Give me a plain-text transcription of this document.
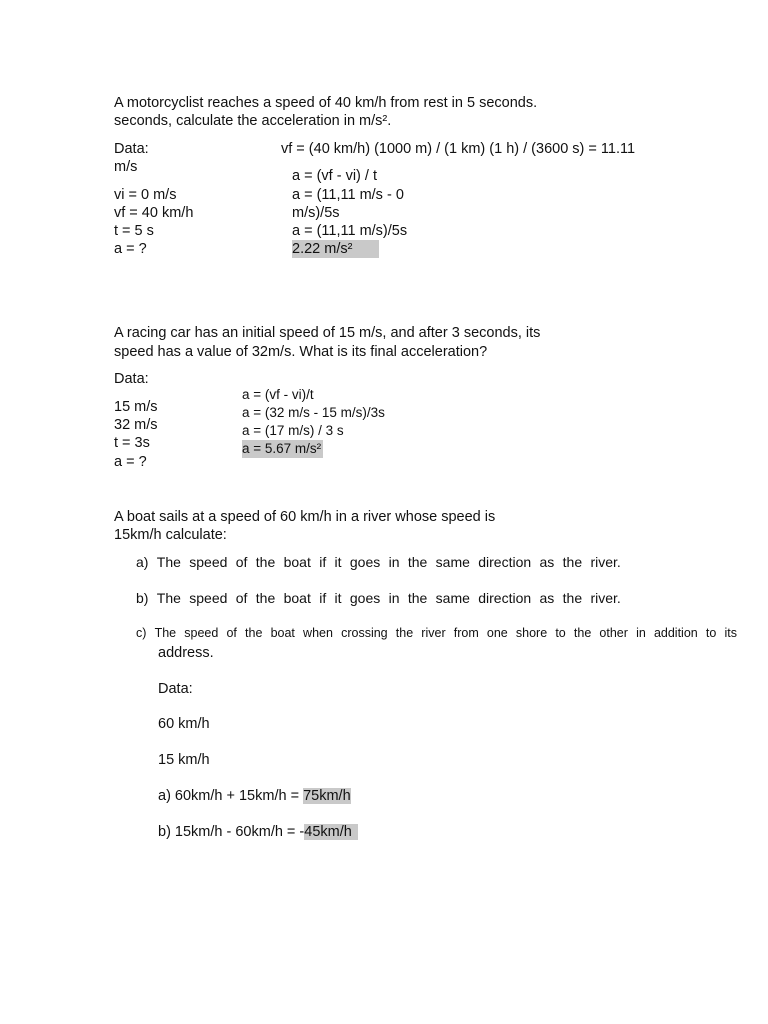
A motorcyclist reaches a speed of 40 km/h from rest in 5 seconds.
seconds, calculate the acceleration in m/s².
Data:	vf = (40 km/h) (1000 m) / (1 km) (1 h) / (3600 s) = 11.11
m/s
vi = 0 m/s
vf = 40 km/h
t = 5 s
a = ?
a = (vf - vi) / t
a = (11,11 m/s - 0
m/s)/5s
a = (11,11 m/s)/5s
2.22 m/s²
A racing car has an initial speed of 15 m/s, and after 3 seconds, its
speed has a value of 32m/s. What is its final acceleration?
Data:
15 m/s
32 m/s
t = 3s
a = ?
a = (vf - vi)/t
a = (32 m/s - 15 m/s)/3s
a = (17 m/s) / 3 s
a = 5.67 m/s²
A boat sails at a speed of 60 km/h in a river whose speed is
15km/h calculate:
a) The speed of the boat if it goes in the same direction as the river.
b) The speed of the boat if it goes in the same direction as the river.
c) The speed of the boat when crossing the river from one shore to the other in addition to its
address.
Data:
60 km/h
15 km/h
a) 60km/h + 15km/h = 75km/h
b) 15km/h - 60km/h = -45km/h
